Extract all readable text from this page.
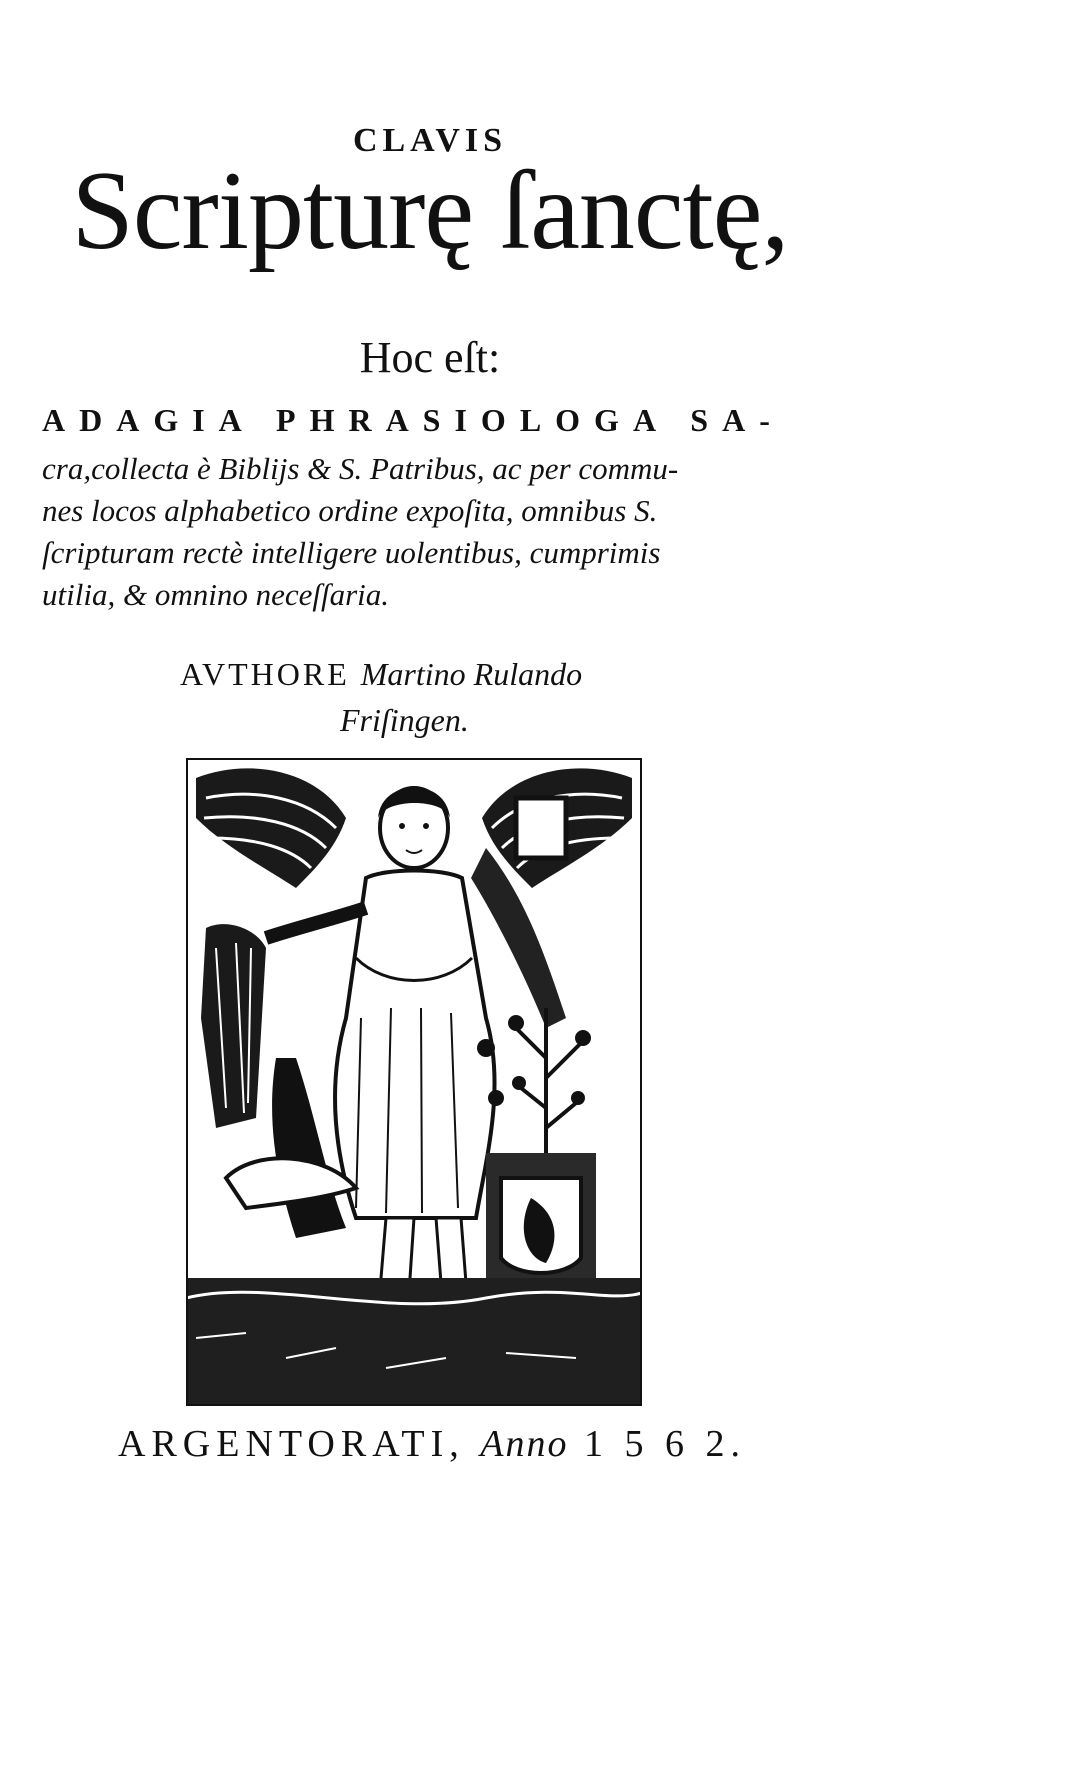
CLAVIS
Scripturę ſanctę,
Hoc eſt:
ADAGIA PHRASIOLOGA SA-
cra,collecta è Biblijs & S. Patribus, ac per commu-
nes locos alphabetico ordine expoſita, omnibus S.
ſcripturam rectè intelligere uolentibus, cumprimis
utilia, & omnino neceſſaria.
AVTHORE Martino Rulando
Friſingen.
ARGENTORATI, Anno 1 5 6 2.
